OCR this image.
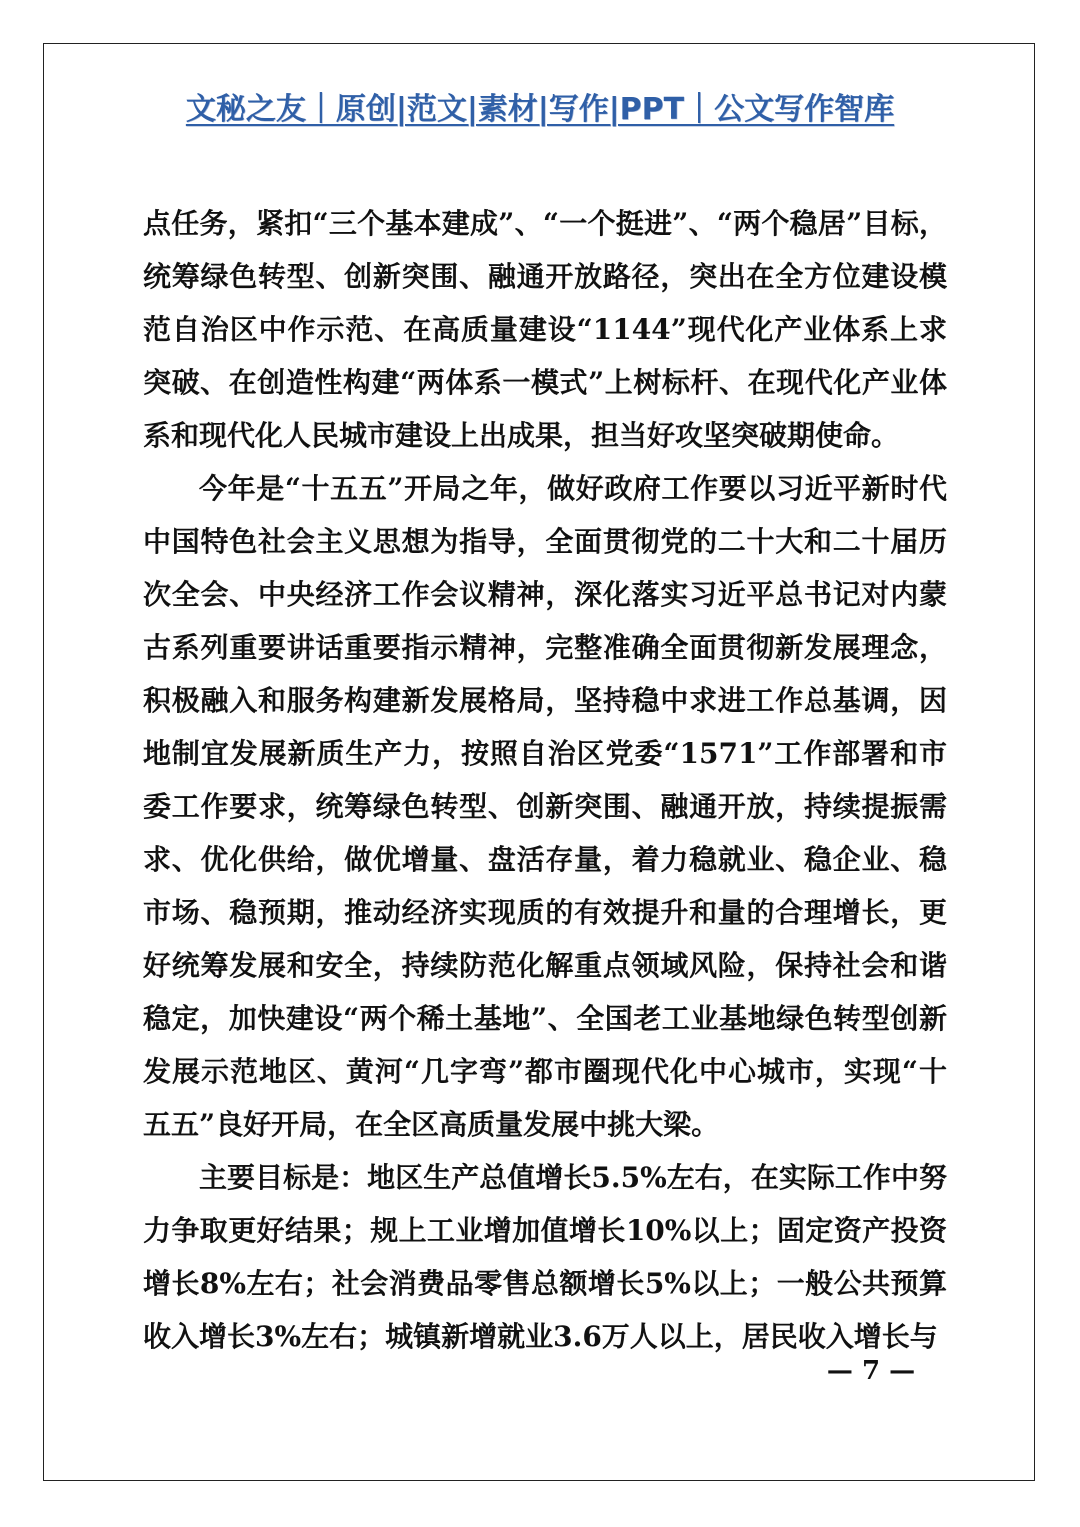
文秘之友｜原创|范文|素材|写作|PPT｜公文写作智库

点任务，紧扣“三个基本建成”、“一个挺进”、“两个稳居”目标，统筹绿色转型、创新突围、融通开放路径，突出在全方位建设模范自治区中作示范、在高质量建设“1144”现代化产业体系上求突破、在创造性构建“两体系一模式”上树标杆、在现代化产业体系和现代化人民城市建设上出成果，担当好攻坚突破期使命。

今年是“十五五”开局之年，做好政府工作要以习近平新时代中国特色社会主义思想为指导，全面贯彻党的二十大和二十届历次全会、中央经济工作会议精神，深化落实习近平总书记对内蒙古系列重要讲话重要指示精神，完整准确全面贯彻新发展理念，积极融入和服务构建新发展格局，坚持稳中求进工作总基调，因地制宜发展新质生产力，按照自治区党委“1571”工作部署和市委工作要求，统筹绿色转型、创新突围、融通开放，持续提振需求、优化供给，做优增量、盘活存量，着力稳就业、稳企业、稳市场、稳预期，推动经济实现质的有效提升和量的合理增长，更好统筹发展和安全，持续防范化解重点领域风险，保持社会和谐稳定，加快建设“两个稀土基地”、全国老工业基地绿色转型创新发展示范地区、黄河“几字弯”都市圈现代化中心城市，实现“十五五”良好开局，在全区高质量发展中挑大梁。

主要目标是：地区生产总值增长5.5%左右，在实际工作中努力争取更好结果；规上工业增加值增长10%以上；固定资产投资增长8%左右；社会消费品零售总额增长5%以上；一般公共预算收入增长3%左右；城镇新增就业3.6万人以上，居民收入增长与

— 7 —
